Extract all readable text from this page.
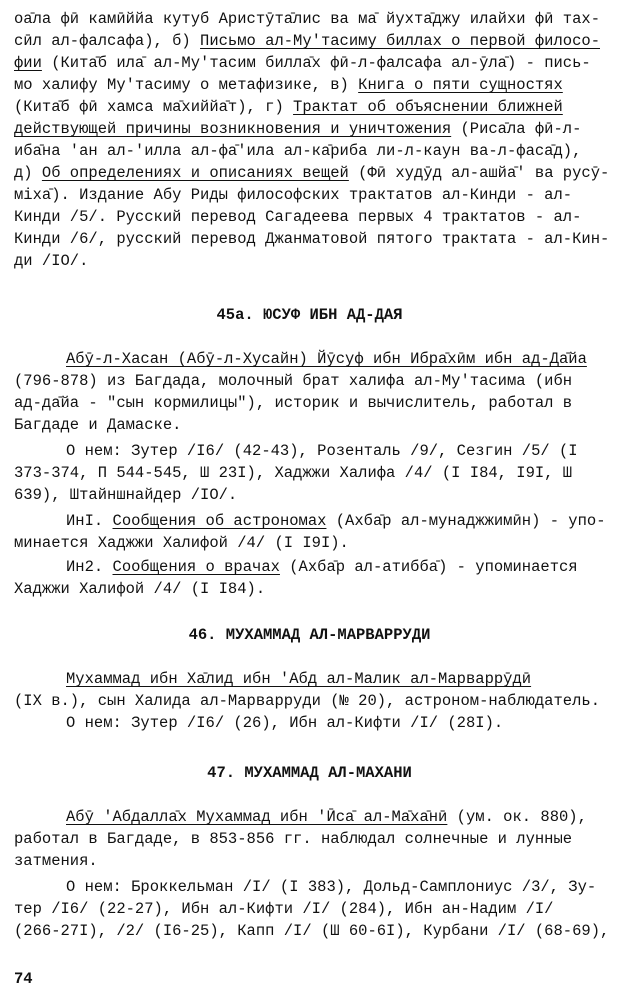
оа̄ла фӣ камӣййа кутуб Аристӯта̄лис ва ма̄ йухта̄джу илайхи фӣ тах-
сӣл ал-фалсафа), б) Письмо ал-Му'тасиму биллах о первой филосо-
фии (Кита̄б ила̄ ал-Му'тасим билла̄х фӣ-л-фалсафа ал-ӯла̄) - пись-
мо халифу Му'тасиму о метафизике, в) Книга о пяти сущностях
(Кита̄б фӣ хамса ма̄хиййа̄т), г) Трактат об объяснении ближней
действующей причины возникновения и уничтожения (Риса̄ла фӣ-л-
иба̄на 'ан ал-'илла ал-фа̄'ила ал-ка̄риба ли-л-каун ва-л-фаса̄д),
д) Об определениях и описаниях вещей (Фӣ худӯд ал-ашйа̄' ва русӯ-
мiха̄). Издание Абу Риды философских трактатов ал-Кинди - ал-
Кинди /5/. Русский перевод Сагадеева первых 4 трактатов - ал-
Кинди /6/, русский перевод Джанматовой пятого трактата - ал-Кин-
ди /IO/.
45а. ЮСУФ ИБН АД-ДАЯ
Абӯ-л-Хасан (Абӯ-л-Хусайн) Йӯсуф ибн Ибра̄хӣм ибн ад-Да̄йа
(796-878) из Багдада, молочный брат халифа ал-Му'тасима (ибн
ад-да̄йа - "сын кормилицы"), историк и вычислитель, работал в
Багдаде и Дамаске.
О нем: Зутер /I6/ (42-43), Розенталь /9/, Сезгин /5/ (I
373-374, П 544-545, Ш 23I), Хаджжи Халифа /4/ (I I84, I9I, Ш
639), Штайншнайдер /IO/.
ИнI. Сообщения об астрономах (Ахба̄р ал-мунаджжимӣн) - упо-
минается Хаджжи Халифой /4/ (I I9I).
Ин2. Сообщения о врачах (Ахба̄р ал-атибба̄) - упоминается
Хаджжи Халифой /4/ (I I84).
46. МУХАММАД АЛ-МАРВАРРУДИ
Мухаммад ибн Ха̄лид ибн 'Абд ал-Малик ал-Марваррӯдӣ
(IX в.), сын Халида ал-Марварруди (№ 20), астроном-наблюдатель.
О нем: Зутер /I6/ (26), Ибн ал-Кифти /I/ (28I).
47. МУХАММАД АЛ-МАХАНИ
Абӯ 'Абдалла̄х Мухаммад ибн 'Ӣса̄ ал-Ма̄ха̄нӣ (ум. ок. 880),
работал в Багдаде, в 853-856 гг. наблюдал солнечные и лунные
затмения.
О нем: Броккельман /I/ (I 383), Дольд-Самплониус /3/, Зу-
тер /I6/ (22-27), Ибн ал-Кифти /I/ (284), Ибн ан-Надим /I/
(266-27I), /2/ (I6-25), Капп /I/ (Ш 60-6I), Курбани /I/ (68-69),
74
